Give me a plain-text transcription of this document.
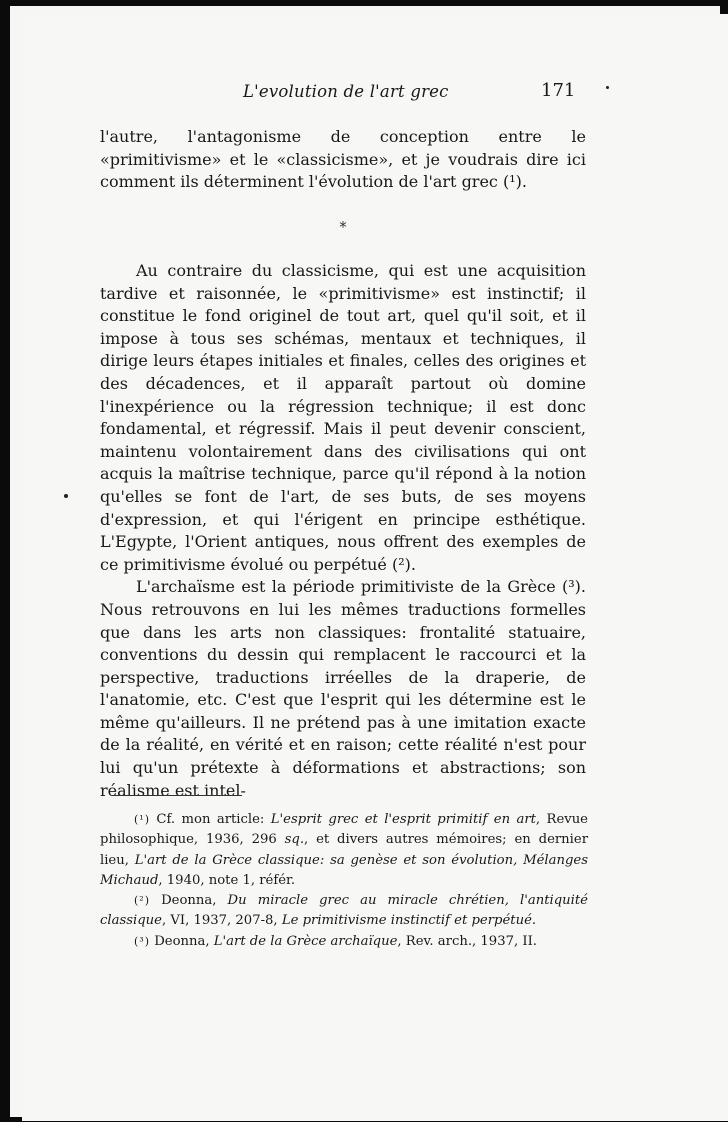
L'evolution de l'art grec	171

l'autre, l'antagonisme de conception entre le «primitivisme» et le «classicisme», et je voudrais dire ici comment ils déterminent l'évolution de l'art grec (¹).

*

Au contraire du classicisme, qui est une acquisition tardive et raisonnée, le «primitivisme» est instinctif; il constitue le fond originel de tout art, quel qu'il soit, et il impose à tous ses schémas, mentaux et techniques, il dirige leurs étapes initiales et finales, celles des origines et des décadences, et il apparaît partout où domine l'inexpérience ou la régression technique; il est donc fondamental, et régressif. Mais il peut devenir conscient, maintenu volontairement dans des civilisations qui ont acquis la maîtrise technique, parce qu'il répond à la notion qu'elles se font de l'art, de ses buts, de ses moyens d'expression, et qui l'érigent en principe esthétique. L'Egypte, l'Orient antiques, nous offrent des exemples de ce primitivisme évolué ou perpétué (²).

L'archaïsme est la période primitiviste de la Grèce (³). Nous retrouvons en lui les mêmes traductions formelles que dans les arts non classiques: frontalité statuaire, conventions du dessin qui remplacent le raccourci et la perspective, traductions irréelles de la draperie, de l'anatomie, etc. C'est que l'esprit qui les détermine est le même qu'ailleurs. Il ne prétend pas à une imitation exacte de la réalité, en vérité et en raison; cette réalité n'est pour lui qu'un prétexte à déformations et abstractions; son réalisme est intel-

(¹) Cf. mon article: L'esprit grec et l'esprit primitif en art, Revue philosophique, 1936, 296 sq., et divers autres mémoires; en dernier lieu, L'art de la Grèce classique: sa genèse et son évolution, Mélanges Michaud, 1940, note 1, référ.

(²) Deonna, Du miracle grec au miracle chrétien, l'antiquité classique, VI, 1937, 207-8, Le primitivisme instinctif et perpétué.

(³) Deonna, L'art de la Grèce archaïque, Rev. arch., 1937, II.
